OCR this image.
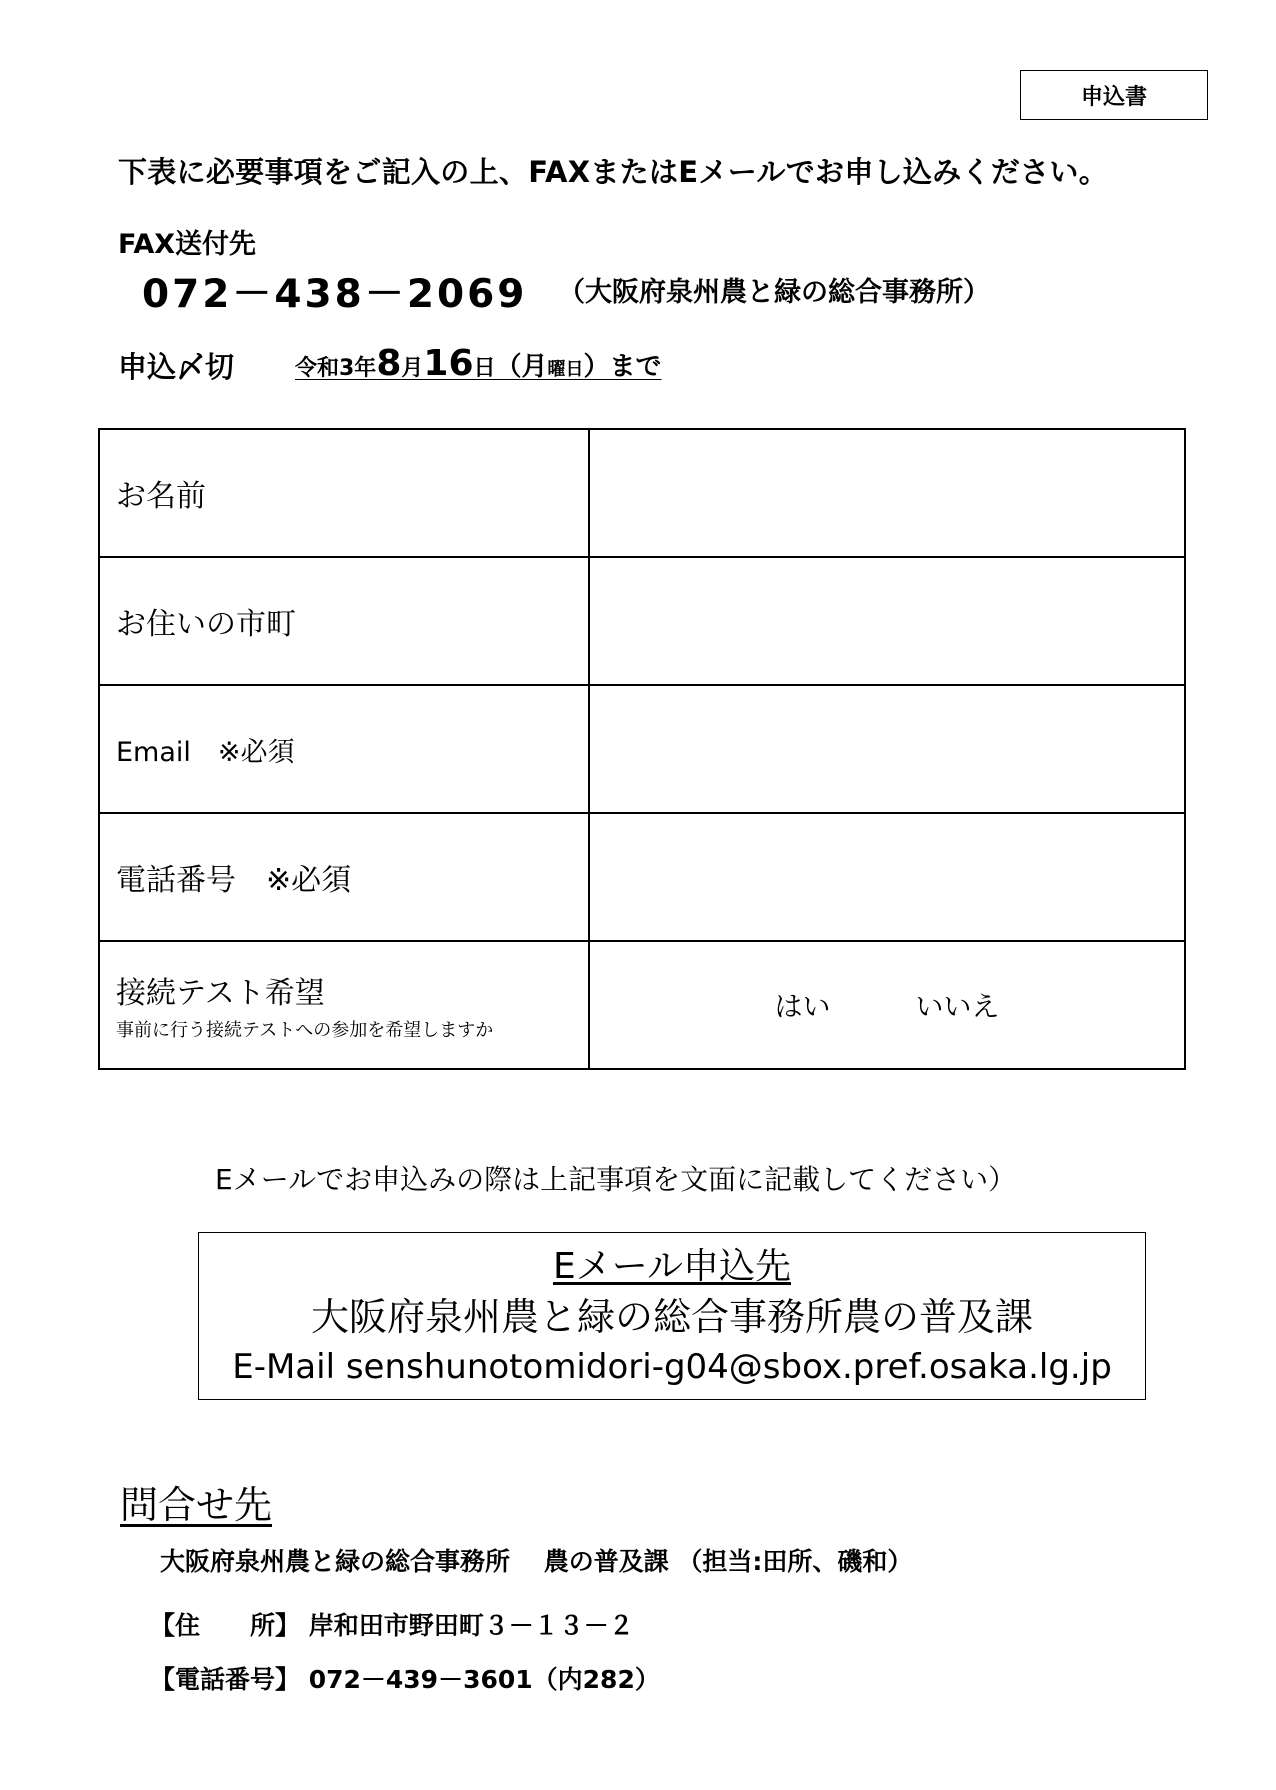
申込書
下表に必要事項をご記入の上、FAXまたはEメールでお申し込みください。
FAX送付先
072－438－2069 （大阪府泉州農と緑の総合事務所）
申込〆切	令和3年8月16日（月曜日）まで
お名前	
お住いの市町	
Email　※必須	
電話番号　※必須	

接続テスト希望
事前に行う接続テストへの参加を希望しますか	はい いいえ
Eメールでお申込みの際は上記事項を文面に記載してください）
Eメール申込先
大阪府泉州農と緑の総合事務所農の普及課
E-Mail senshunotomidori-g04@sbox.pref.osaka.lg.jp
問合せ先
大阪府泉州農と緑の総合事務所　 農の普及課 （担当:田所、磯和）
【住　　所】 岸和田市野田町３－１３－２
【電話番号】 072－439－3601（内282）
